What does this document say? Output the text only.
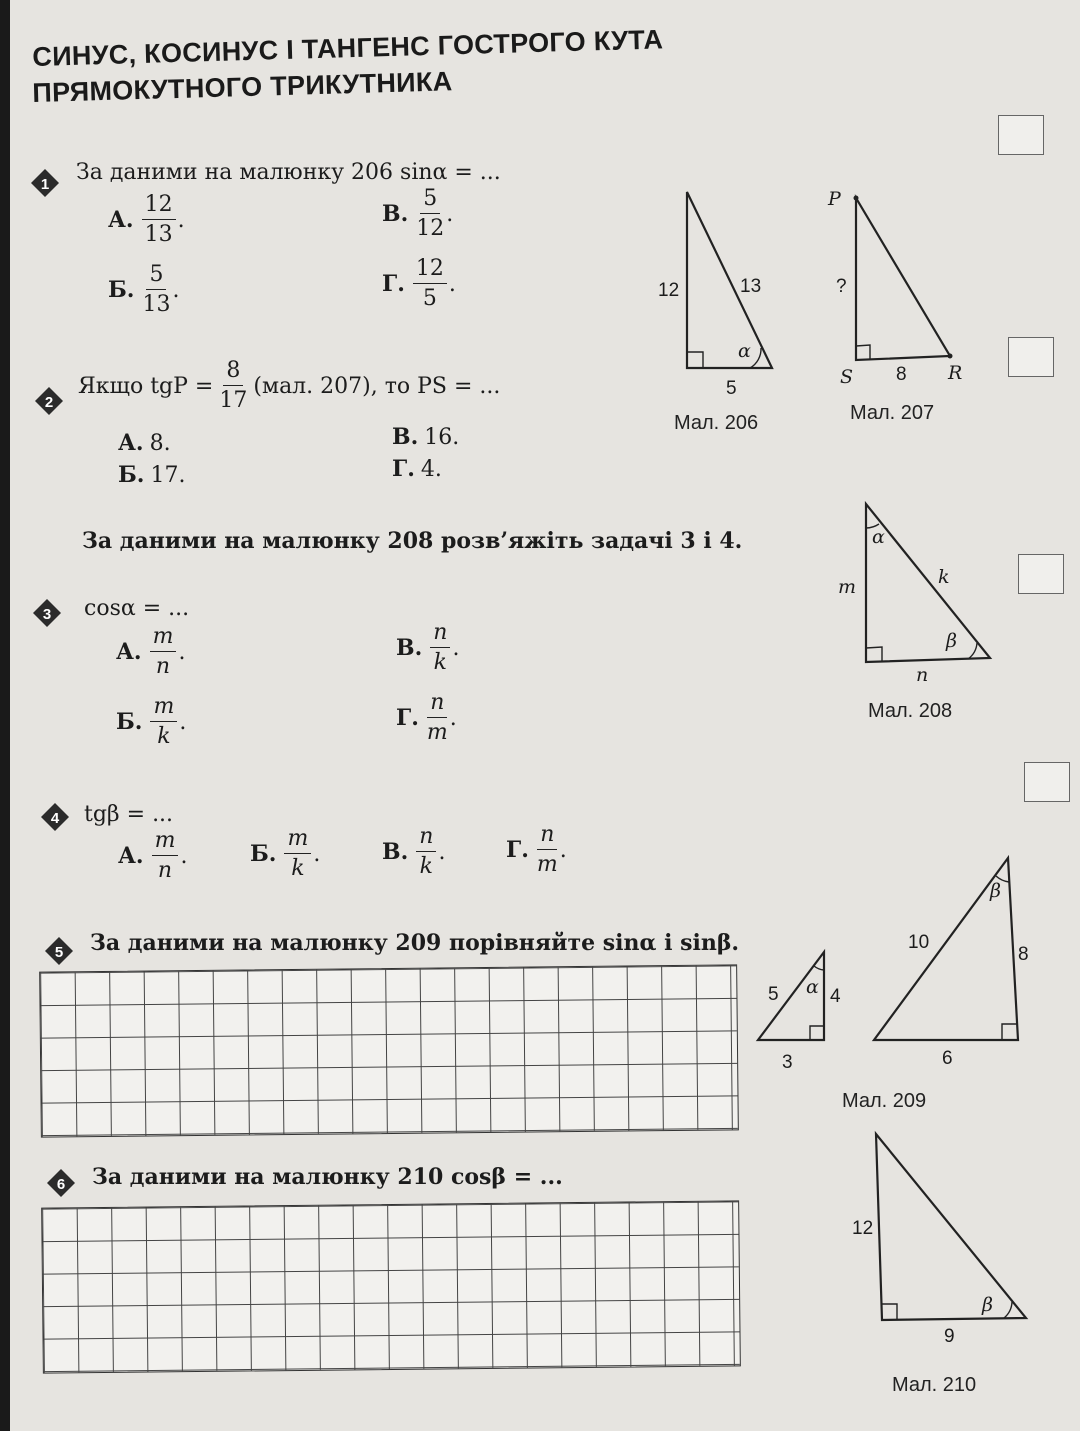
СИНУС, КОСИНУС І ТАНГЕНС ГОСТРОГО КУТА
ПРЯМОКУТНОГО ТРИКУТНИКА
1 За даними на малюнку 206 sinα = ...
А. $\frac{12}{13}$ .	В. $\frac{5}{12}$ .
Б. $\frac{5}{13}$ .	Г. $\frac{12}{5}$ .
2
Якщо tgP = $\frac{8}{17} (мал$. 207), то PS = ...
А. 8.	В. 16.
Б. 17.	Г. 4.
За даними на малюнку 208 розв’яжіть задачі 3 і 4.
3 cosα = ...
А. $\frac{m}{n}$ .	В. $\frac{n}{k}$ .
Б. $\frac{m}{k}$ .	Г. $\frac{n}{m}$ .
4 tgβ = ...
А. $\frac{m}{n}$ .	Б. $\frac{m}{k}$ .	В. $\frac{n}{k}$ .	Г. $\frac{n}{m}$ .
5 За даними на малюнку 209 порівняйте sinα і sinβ.
6 За даними на малюнку 210 cosβ = ...
12	13
α
5
Мал. 206
P
?
S 8 R
Мал. 207
α
m	k
β
n
Мал. 208
5 α 4
3
β
10
8
6
Мал. 209
12
β
9
Мал. 210
